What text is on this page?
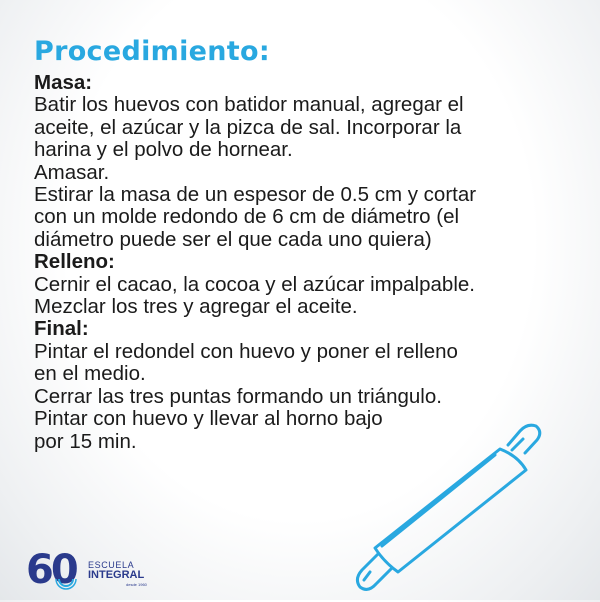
Procedimiento:
Masa:
Batir los huevos con batidor manual, agregar el
aceite, el azúcar y la pizca de sal. Incorporar la
harina y el polvo de hornear.
Amasar.
Estirar la masa de un espesor de 0.5 cm y cortar
con un molde redondo de 6 cm de diámetro (el
diámetro puede ser el que cada uno quiera)
Relleno:
Cernir el cacao, la cocoa y el azúcar impalpable.
Mezclar los tres y agregar el aceite.
Final:
Pintar el redondel con huevo y poner el relleno
en el medio.
Cerrar las tres puntas formando un triángulo.
Pintar con huevo y llevar al horno bajo
por 15 min.
60 ESCUELA
INTEGRAL
desde 1960
